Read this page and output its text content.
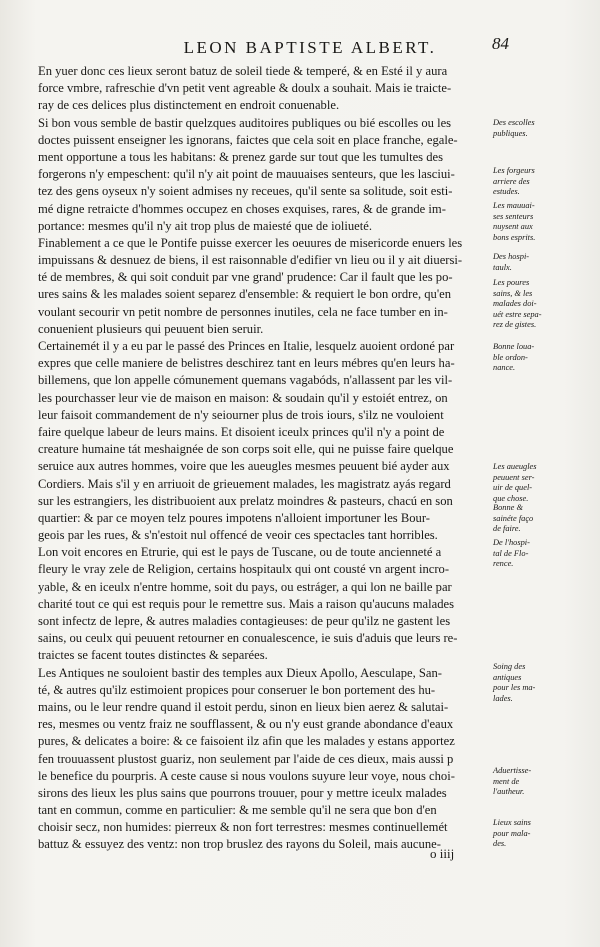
LEON BAPTISTE ALBERT.	84
En yuer donc ces lieux seront batuz de soleil tiede & temperé, & en Esté il y aura
force vmbre, rafreschie d'vn petit vent agreable & doulx a souhait. Mais ie traicte-
ray de ces delices plus distinctement en endroit conuenable.
Si bon vous semble de bastir quelzques auditoires publiques ou bié escolles ou les
doctes puissent enseigner les ignorans, faictes que cela soit en place franche, egale-
ment opportune a tous les habitans: & prenez garde sur tout que les tumultes des
forgerons n'y empeschent: qu'il n'y ait point de mauuaises senteurs, que les lasciui-
tez des gens oyseux n'y soient admises ny receues, qu'il sente sa solitude, soit esti-
mé digne retraicte d'hommes occupez en choses exquises, rares, & de grande im-
portance: mesmes qu'il n'y ait trop plus de maiesté que de ioliueté.
Finablement a ce que le Pontife puisse exercer les oeuures de misericorde enuers les
impuissans & desnuez de biens, il est raisonnable d'edifier vn lieu ou il y ait diuersi-
té de membres, & qui soit conduit par vne grand' prudence: Car il fault que les po-
ures sains & les malades soient separez d'ensemble: & requiert le bon ordre, qu'en
voulant secourir vn petit nombre de personnes inutiles, cela ne face tumber en in-
conuenient plusieurs qui peuuent bien seruir.
Certainemét il y a eu par le passé des Princes en Italie, lesquelz auoient ordoné par
expres que celle maniere de belistres deschirez tant en leurs mébres qu'en leurs ha-
billemens, que lon appelle cómunement quemans vagabóds, n'allassent par les vil-
les pourchasser leur vie de maison en maison: & soudain qu'il y estoiét entrez, on
leur faisoit commandement de n'y seiourner plus de trois iours, s'ilz ne vouloient
faire quelque labeur de leurs mains. Et disoient iceulx princes qu'il n'y a point de
creature humaine tát meshaignée de son corps soit elle, qui ne puisse faire quelque
seruice aux autres hommes, voire que les aueugles mesmes peuuent bié ayder aux
Cordiers. Mais s'il y en arriuoit de grieuement malades, les magistratz ayás regard
sur les estrangiers, les distribuoient aux prelatz moindres & pasteurs, chacú en son
quartier: & par ce moyen telz poures impotens n'alloient importuner les Bour-
geois par les rues, & s'n'estoit nul offencé de veoir ces spectacles tant horribles.
Lon voit encores en Etrurie, qui est le pays de Tuscane, ou de toute ancienneté a
fleury le vray zele de Religion, certains hospitaulx qui ont cousté vn argent incro-
yable, & en iceulx n'entre homme, soit du pays, ou estráger, a qui lon ne baille par
charité tout ce qui est requis pour le remettre sus. Mais a raison qu'aucuns malades
sont infectz de lepre, & autres maladies contagieuses: de peur qu'ilz ne gastent les
sains, ou ceulx qui peuuent retourner en conualescence, ie suis d'aduis que leurs re-
traictes se facent toutes distinctes & separées.
Les Antiques ne souloient bastir des temples aux Dieux Apollo, Aesculape, San-
té, & autres qu'ilz estimoient propices pour conseruer le bon portement des hu-
mains, ou le leur rendre quand il estoit perdu, sinon en lieux bien aerez & salutai-
res, mesmes ou ventz fraiz ne soufflassent, & ou n'y eust grande abondance d'eaux
pures, & delicates a boire: & ce faisoient ilz afin que les malades y estans apportez
fen trouuassent plustost guariz, non seulement par l'aide de ces dieux, mais aussi p
le benefice du pourpris. A ceste cause si nous voulons suyure leur voye, nous choi-
sirons des lieux les plus sains que pourrons trouuer, pour y mettre iceulx malades
tant en commun, comme en particulier: & me semble qu'il ne sera que bon d'en
choisir secz, non humides: pierreux & non fort terrestres: mesmes continuellemét
battuz & essuyez des ventz: non trop bruslez des rayons du Soleil, mais aucune-
Des escolles
publiques.
Les forgeurs
arriere des
estudes.
Les mauuai-
ses senteurs
nuysent aux
bons esprits.
Des hospi-
taulx.
Les poures
sains, & les
malades doi-
uét estre sepa-
rez de gistes.
Bonne loua-
ble ordon-
nance.
Les aueugles
peuuent ser-
uir de quel-
que chose.
Bonne &
sainéte faço
de faire.
De l'hospi-
tal de Flo-
rence.
Soing des
antiques
pour les ma-
lades.
Aduertisse-
ment de
l'autheur.
Lieux sains
pour mala-
des.
o iiij
